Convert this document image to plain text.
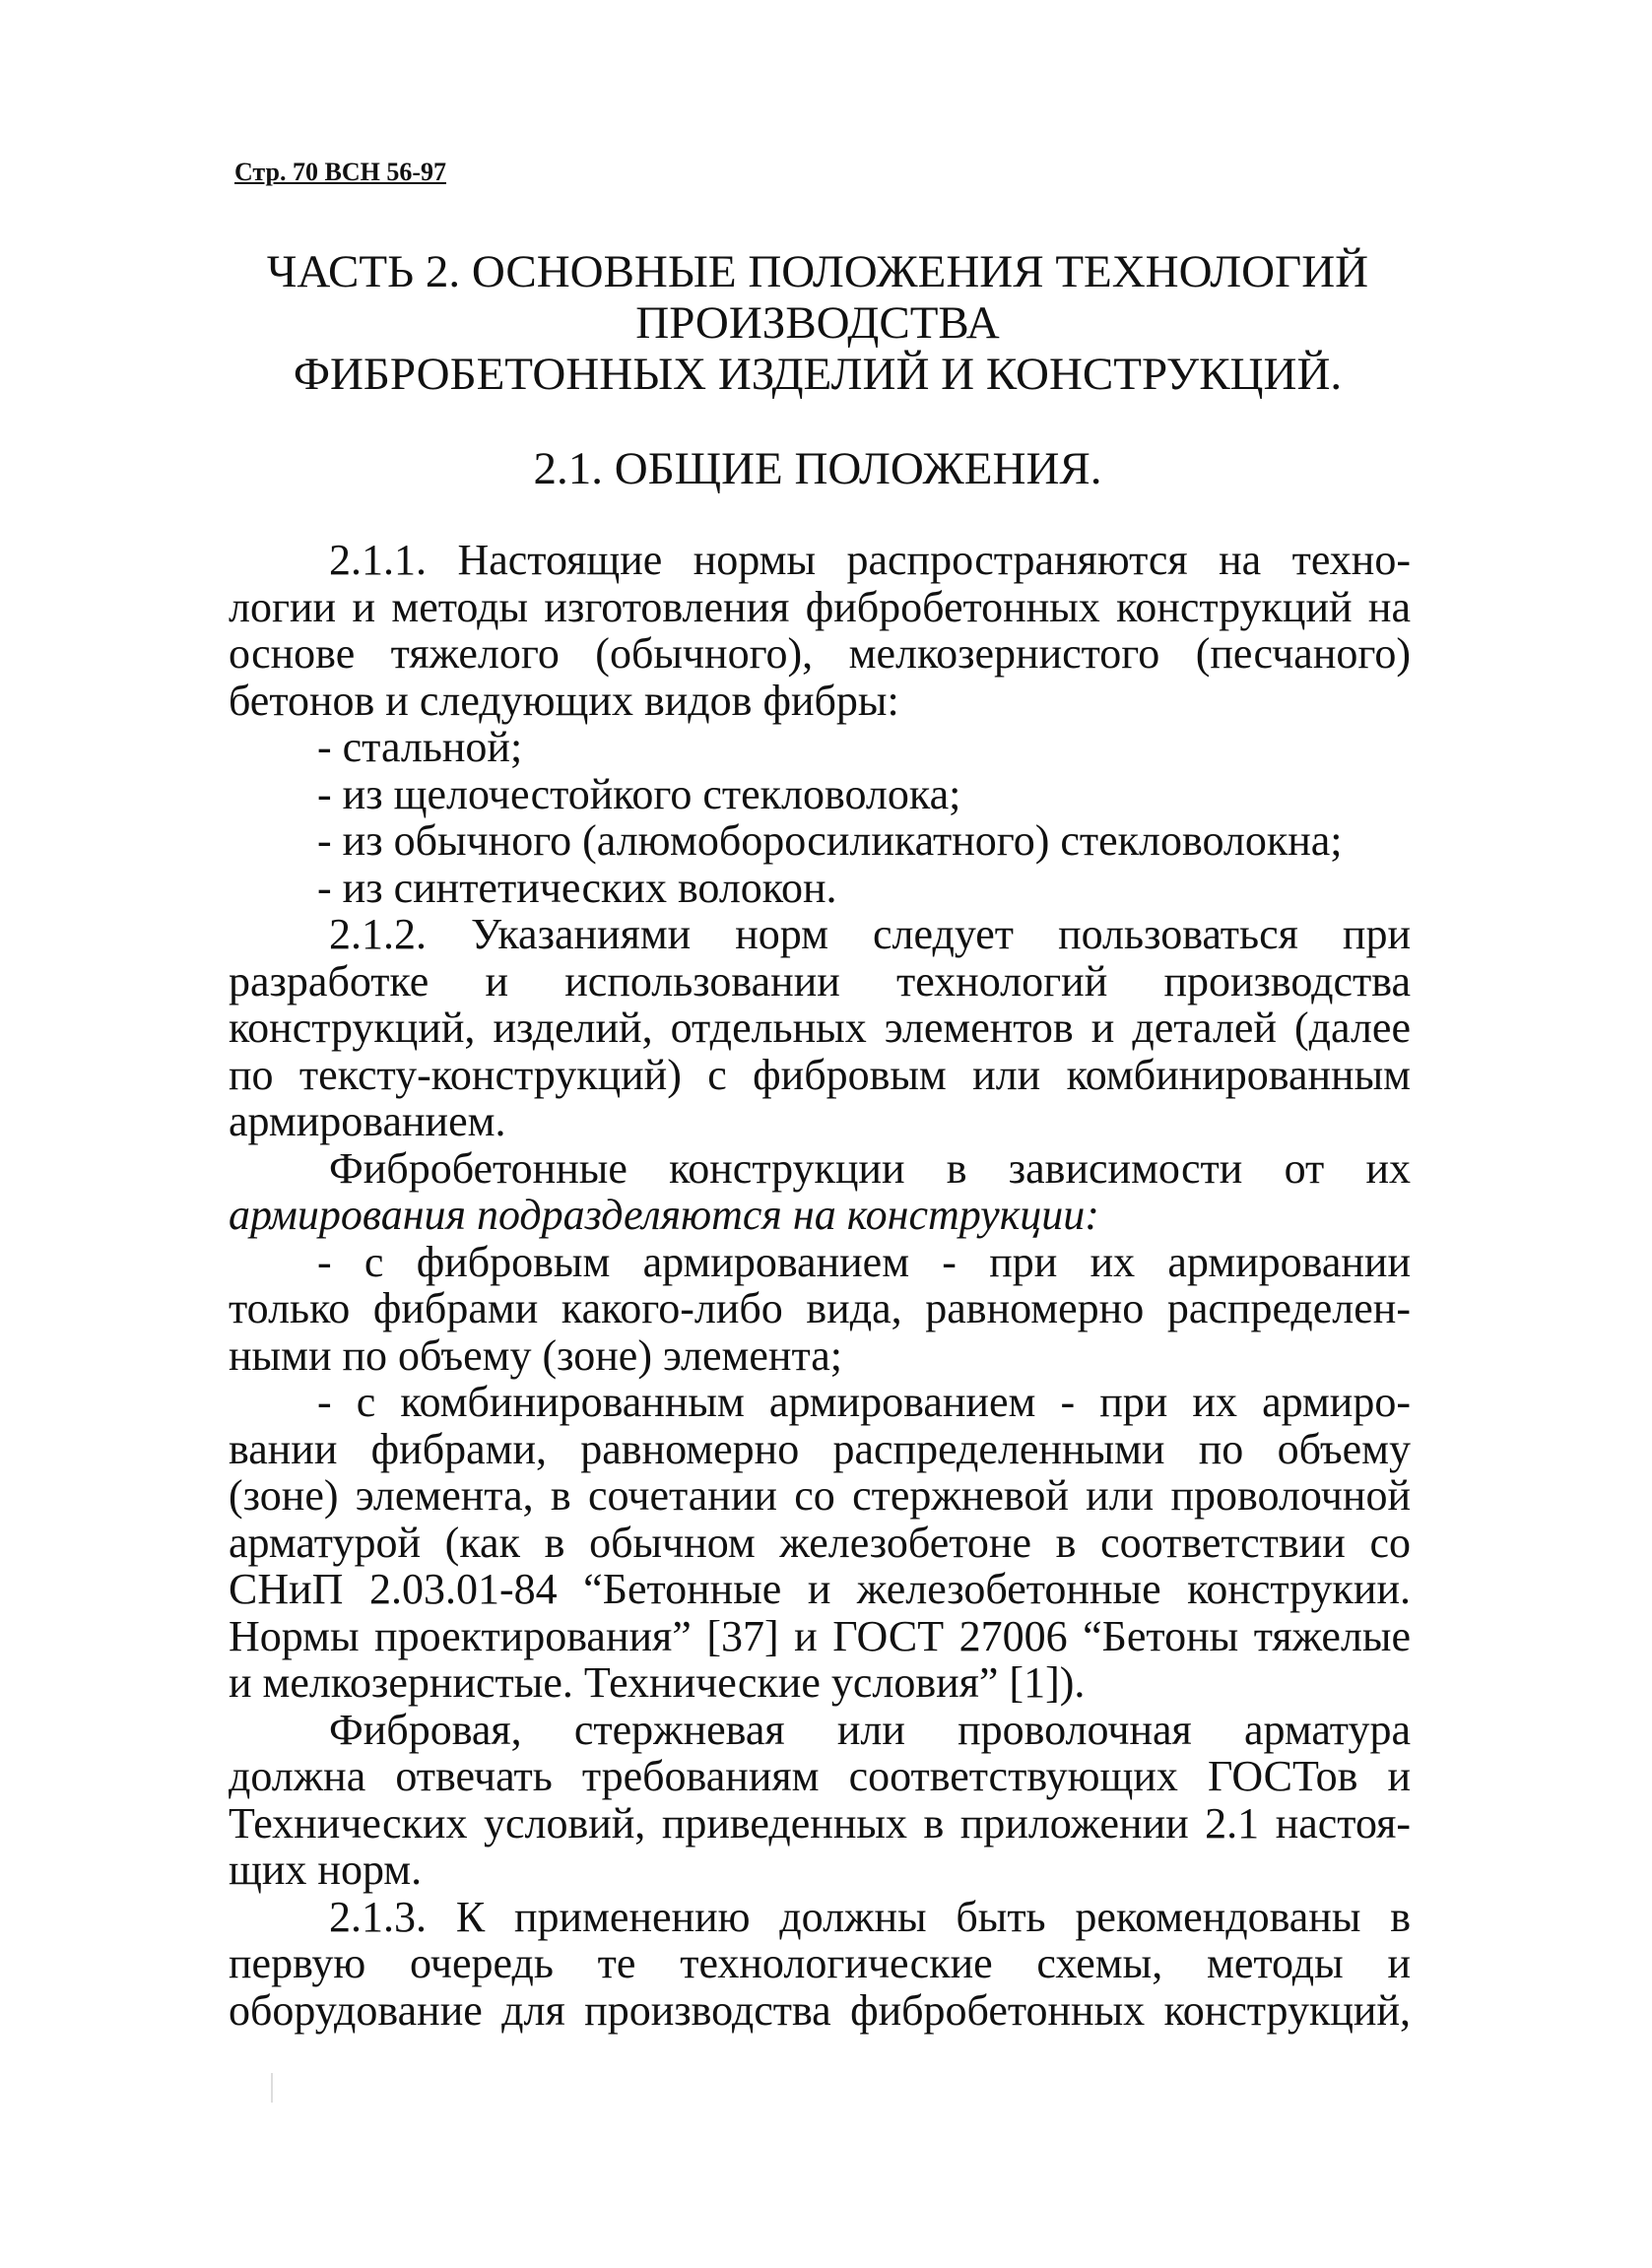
Стр. 70 ВСН 56-97
ЧАСТЬ 2. ОСНОВНЫЕ ПОЛОЖЕНИЯ ТЕХНОЛОГИЙ
ПРОИЗВОДСТВА
ФИБРОБЕТОННЫХ ИЗДЕЛИЙ И КОНСТРУКЦИЙ.
2.1. ОБЩИЕ ПОЛОЖЕНИЯ.
2.1.1. Настоящие нормы распространяются на техно-
логии и методы изготовления фибробетонных конструкций на
основе тяжелого (обычного), мелкозернистого (песчаного)
бетонов и следующих видов фибры:
- стальной;
- из щелочестойкого стекловолока;
- из обычного (алюмоборосиликатного) стекловолокна;
- из синтетических волокон.
2.1.2. Указаниями норм следует пользоваться при
разработке и использовании технологий производства
конструкций, изделий, отдельных элементов и деталей (далее
по тексту-конструкций) с фибровым или комбинированным
армированием.
Фибробетонные конструкции в зависимости от их
армирования подразделяются на конструкции:
- с фибровым армированием - при их армировании
только фибрами какого-либо вида, равномерно распределен-
ными по объему (зоне) элемента;
- с комбинированным армированием - при их армиро-
вании фибрами, равномерно распределенными по объему
(зоне) элемента, в сочетании со стержневой или проволочной
арматурой (как в обычном железобетоне в соответствии со
СНиП 2.03.01-84 “Бетонные и железобетонные конструкии.
Нормы проектирования” [37] и ГОСТ 27006 “Бетоны тяжелые
и мелкозернистые. Технические условия” [1]).
Фибровая, стержневая или проволочная арматура
должна отвечать требованиям соответствующих ГОСТов и
Технических условий, приведенных в приложении 2.1 настоя-
щих норм.
2.1.3. К применению должны быть рекомендованы в
первую очередь те технологические схемы, методы и
оборудование для производства фибробетонных конструкций,
